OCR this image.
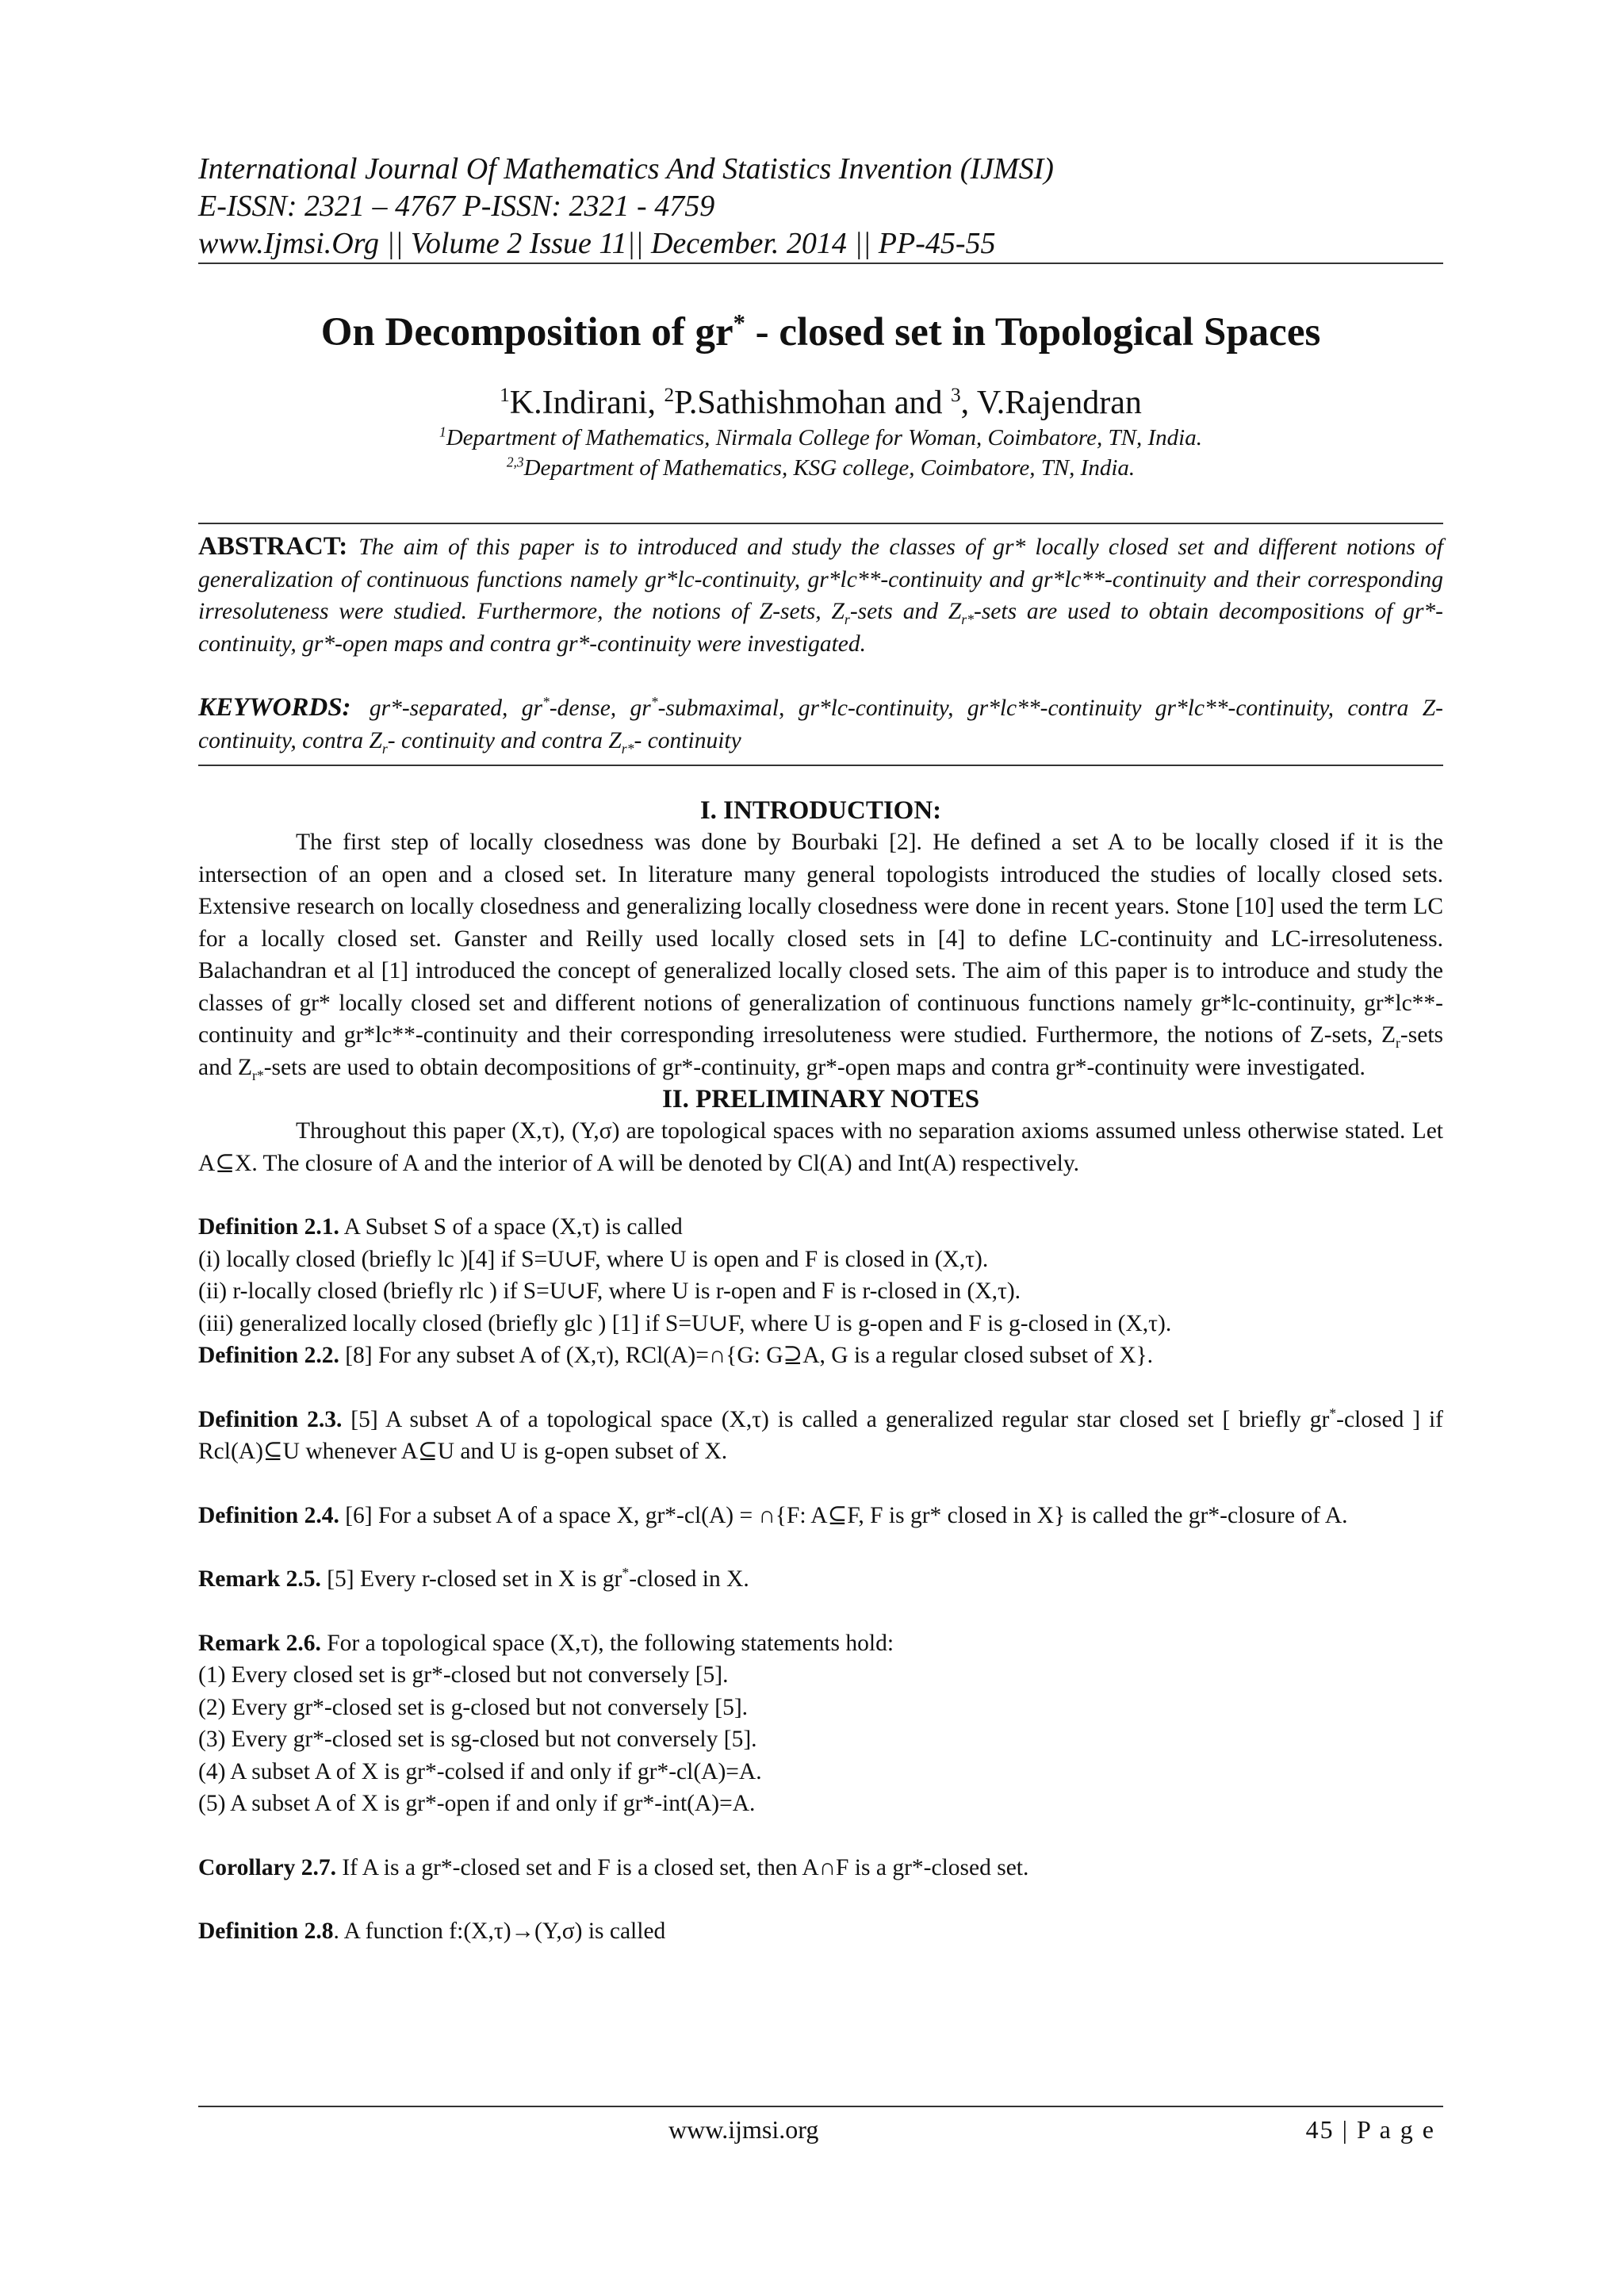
International Journal Of Mathematics And Statistics Invention (IJMSI)

E-ISSN: 2321 – 4767 P-ISSN: 2321 - 4759

www.Ijmsi.Org || Volume 2 Issue 11|| December. 2014 || PP-45-55

On Decomposition of gr* - closed set in Topological Spaces
$^1$K.Indirani, $^2$P.Sathishmohan and $^3$, V.Rajendran
$^1$Department of Mathematics, Nirmala College for Woman, Coimbatore, TN, India.
$^{2,3}$Department of Mathematics, KSG college, Coimbatore, TN, India.

ABSTRACT: The aim of this paper is to introduced and study the classes of gr* locally closed set and different notions of generalization of continuous functions namely gr*lc-continuity, gr*lc**-continuity and gr*lc**-continuity and their corresponding irresoluteness were studied. Furthermore, the notions of Z-sets, $Z_r$-sets and $Z_{r*}$-sets are used to obtain decompositions of gr*-continuity, gr*-open maps and contra gr*-continuity were investigated.

KEYWORDS: gr*-separated, gr*-dense, gr*-submaximal, gr*lc-continuity, gr*lc**-continuity gr*lc**-continuity, contra Z- continuity, contra $Z_r-$ continuity and contra $Z_{r*}-$ continuity

I. INTRODUCTION:

The first step of locally closedness was done by Bourbaki [2]. He defined a set A to be locally closed if it is the intersection of an open and a closed set. In literature many general topologists introduced the studies of locally closed sets. Extensive research on locally closedness and generalizing locally closedness were done in recent years. Stone [10] used the term LC for a locally closed set. Ganster and Reilly used locally closed sets in [4] to define LC-continuity and LC-irresoluteness. Balachandran et al [1] introduced the concept of generalized locally closed sets. The aim of this paper is to introduce and study the classes of gr* locally closed set and different notions of generalization of continuous functions namely gr*lc-continuity, gr*lc**-continuity and gr*lc**-continuity and their corresponding irresoluteness were studied. Furthermore, the notions of Z-sets, $Z_r$-sets and $Z_{r*}$-sets are used to obtain decompositions of gr*-continuity, gr*-open maps and contra gr*-continuity were investigated.

II. PRELIMINARY NOTES

Throughout this paper (X,τ), (Y,σ) are topological spaces with no separation axioms assumed unless otherwise stated. Let A⊆X. The closure of A and the interior of A will be denoted by Cl(A) and Int(A) respectively.

Definition 2.1. A Subset S of a space (X,τ) is called

(i) locally closed (briefly lc )[4] if S=U∪F, where U is open and F is closed in (X,τ).

(ii) r-locally closed (briefly rlc ) if S=U∪F, where U is r-open and F is r-closed in (X,τ).

(iii) generalized locally closed (briefly glc ) [1] if S=U∪F, where U is g-open and F is g-closed in (X,τ).

Definition 2.2. [8] For any subset A of (X,τ), RCl(A)=∩{G: G⊇A, G is a regular closed subset of X}.

Definition 2.3. [5] A subset A of a topological space (X,τ) is called a generalized regular star closed set [ briefly gr*-closed ] if Rcl(A)⊆U whenever A⊆U and U is g-open subset of X.

Definition 2.4. [6] For a subset A of a space X, gr*-cl(A) = ∩{F: A⊆F, F is gr* closed in X} is called the gr*-closure of A.

Remark 2.5. [5] Every r-closed set in X is gr*-closed in X.

Remark 2.6. For a topological space (X,τ), the following statements hold:

(1) Every closed set is gr*-closed but not conversely [5].

(2) Every gr*-closed set is g-closed but not conversely [5].

(3) Every gr*-closed set is sg-closed but not conversely [5].

(4) A subset A of X is gr*-colsed if and only if gr*-cl(A)=A.

(5) A subset A of X is gr*-open if and only if gr*-int(A)=A.

Corollary 2.7. If A is a gr*-closed set and F is a closed set, then A∩F is a gr*-closed set.

Definition 2.8. A function f:(X,τ)→(Y,σ) is called

www.ijmsi.org	45 | P a g e
